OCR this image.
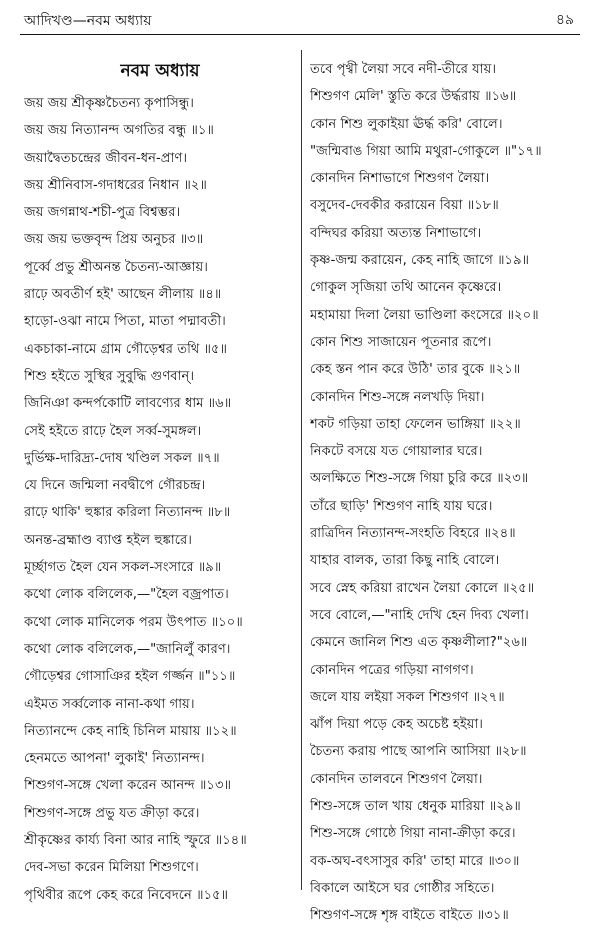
আদিখণ্ড—নবম অধ্যায়	৪৯
নবম অধ্যায়
জয় জয় শ্রীকৃষ্ণচৈতন্য কৃপাসিন্ধু।
জয় জয় নিত্যানন্দ অগতির বন্ধু ॥১॥
জয়াদ্বৈতচন্দ্রের জীবন-ধন-প্রাণ।
জয় শ্রীনিবাস-গদাধরের নিধান ॥২॥
জয় জগন্নাথ-শচী-পুত্র বিশ্বম্ভর।
জয় জয় ভক্তবৃন্দ প্রিয় অনুচর ॥৩॥
পূর্ব্বে প্রভু শ্রীঅনন্ত চৈতন্য-আজ্ঞায়।
রাঢ়ে অবতীর্ণ হই' আছেন লীলায় ॥৪॥
হাড়ো-ওঝা নামে পিতা, মাতা পদ্মাবতী।
একচাকা-নামে গ্রাম গৌড়েশ্বর তথি ॥৫॥
শিশু হইতে সুস্থির সুবুদ্ধি গুণবান্।
জিনিঞা কন্দর্পকোটি লাবণ্যের ধাম ॥৬॥
সেই হইতে রাঢ়ে হৈল সর্ব্ব-সুমঙ্গল।
দুর্ভিক্ষ-দারিদ্র্য-দোষ খণ্ডিল সকল ॥৭॥
যে দিনে জন্মিলা নবদ্বীপে গৌরচন্দ্র।
রাঢ়ে থাকি' হুঙ্কার করিলা নিত্যানন্দ ॥৮॥
অনন্ত-ব্রহ্মাণ্ড ব্যাপ্ত হইল হুঙ্কারে।
মূর্চ্ছাগত হৈল যেন সকল-সংসারে ॥৯॥
কথো লোক বলিলেক,—"হৈল বজ্রপাত।
কথো লোক মানিলেক পরম উৎপাত ॥১০॥
কথো লোক বলিলেক,—"জানিলুঁ কারণ।
গৌড়েশ্বর গোসাঞির হইল গর্জ্জন ॥"১১॥
এইমত সর্ব্বলোক নানা-কথা গায়।
নিত্যানন্দে কেহ নাহি চিনিল মায়ায় ॥১২॥
হেনমতে আপনা' লুকাই' নিত্যানন্দ।
শিশুগণ-সঙ্গে খেলা করেন আনন্দ ॥১৩॥
শিশুগণ-সঙ্গে প্রভু যত ক্রীড়া করে।
শ্রীকৃষ্ণের কার্য্য বিনা আর নাহি স্ফুরে ॥১৪॥
দেব-সভা করেন মিলিয়া শিশুগণে।
পৃথিবীর রূপে কেহ করে নিবেদনে ॥১৫॥
তবে পৃথ্বী লৈয়া সবে নদী-তীরে যায়।
শিশুগণ মেলি' স্তুতি করে উর্দ্ধরায় ॥১৬॥
কোন শিশু লুকাইয়া ঊর্দ্ধ করি' বোলে।
"জন্মিবাঙ গিয়া আমি মথুরা-গোকুলে ॥"১৭॥
কোনদিন নিশাভাগে শিশুগণ লৈয়া।
বসুদেব-দেবকীর করায়েন বিয়া ॥১৮॥
বন্দিঘর করিয়া অত্যন্ত নিশাভাগে।
কৃষ্ণ-জন্ম করায়েন, কেহ নাহি জাগে ॥১৯॥
গোকুল সৃজিয়া তথি আনেন কৃষ্ণেরে।
মহামায়া দিলা লৈয়া ভাণ্ডিলা কংসেরে ॥২০॥
কোন শিশু সাজায়েন পূতনার রূপে।
কেহ স্তন পান করে উঠি' তার বুকে ॥২১॥
কোনদিন শিশু-সঙ্গে নলখড়ি দিয়া।
শকট গড়িয়া তাহা ফেলেন ভাঙ্গিয়া ॥২২॥
নিকটে বসয়ে যত গোয়ালার ঘরে।
অলক্ষিতে শিশু-সঙ্গে গিয়া চুরি করে ॥২৩॥
তাঁরে ছাড়ি' শিশুগণ নাহি যায় ঘরে।
রাত্রিদিন নিত্যানন্দ-সংহতি বিহরে ॥২৪॥
যাহার বালক, তারা কিছু নাহি বোলে।
সবে স্নেহ করিয়া রাখেন লৈয়া কোলে ॥২৫॥
সবে বোলে,—"নাহি দেখি হেন দিব্য খেলা।
কেমনে জানিল শিশু এত কৃষ্ণলীলা?"২৬॥
কোনদিন পত্রের গড়িয়া নাগগণ।
জলে যায় লইয়া সকল শিশুগণ ॥২৭॥
ঝাঁপ দিয়া পড়ে কেহ অচেষ্ট হইয়া।
চৈতন্য করায় পাছে আপনি আসিয়া ॥২৮॥
কোনদিন তালবনে শিশুগণ লৈয়া।
শিশু-সঙ্গে তাল খায় ধেনুক মারিয়া ॥২৯॥
শিশু-সঙ্গে গোষ্ঠে গিয়া নানা-ক্রীড়া করে।
বক-অঘ-বৎসাসুর করি' তাহা মারে ॥৩০॥
বিকালে আইসে ঘর গোষ্ঠীর সহিতে।
শিশুগণ-সঙ্গে শৃঙ্গ বাইতে বাইতে ॥৩১॥
